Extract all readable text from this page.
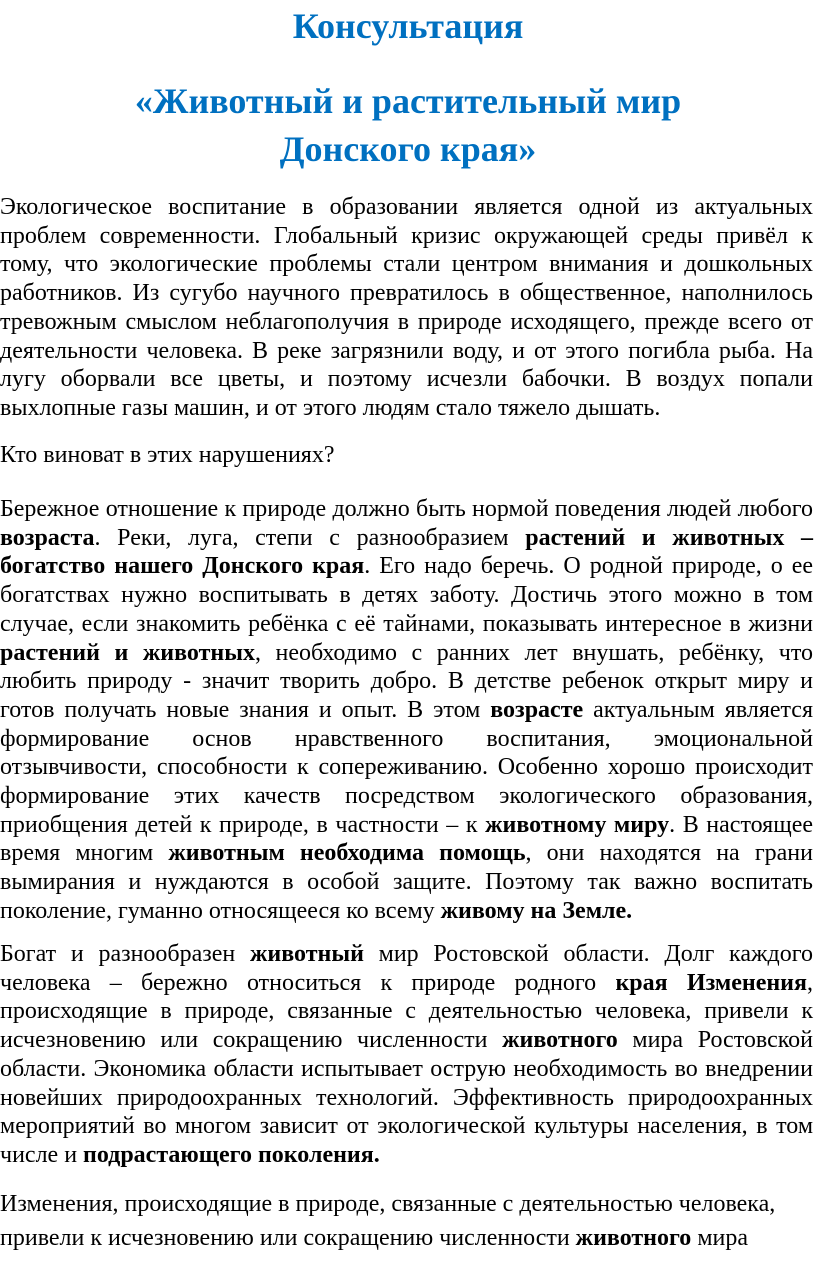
Консультация
«Животный и растительный мир
Донского края»

Экологическое воспитание в образовании является одной из актуальных проблем современности. Глобальный кризис окружающей среды привёл к тому, что экологические проблемы стали центром внимания и дошкольных работников. Из сугубо научного превратилось в общественное, наполнилось тревожным смыслом неблагополучия в природе исходящего, прежде всего от деятельности человека. В реке загрязнили воду, и от этого погибла рыба. На лугу оборвали все цветы, и поэтому исчезли бабочки. В воздух попали выхлопные газы машин, и от этого людям стало тяжело дышать.

Кто виноват в этих нарушениях?

Бережное отношение к природе должно быть нормой поведения людей любого возраста. Реки, луга, степи с разнообразием растений и животных – богатство нашего Донского края. Его надо беречь. О родной природе, о ее богатствах нужно воспитывать в детях заботу. Достичь этого можно в том случае, если знакомить ребёнка с её тайнами, показывать интересное в жизни растений и животных, необходимо с ранних лет внушать, ребёнку, что любить природу - значит творить добро. В детстве ребенок открыт миру и готов получать новые знания и опыт. В этом возрасте актуальным является формирование основ нравственного воспитания, эмоциональной отзывчивости, способности к сопереживанию. Особенно хорошо происходит формирование этих качеств посредством экологического образования, приобщения детей к природе, в частности – к животному миру. В настоящее время многим животным необходима помощь, они находятся на грани вымирания и нуждаются в особой защите. Поэтому так важно воспитать поколение, гуманно относящееся ко всему живому на Земле.

Богат и разнообразен животный мир Ростовской области. Долг каждого человека – бережно относиться к природе родного края Изменения, происходящие в природе, связанные с деятельностью человека, привели к исчезновению или сокращению численности животного мира Ростовской области. Экономика области испытывает острую необходимость во внедрении новейших природоохранных технологий. Эффективность природоохранных мероприятий во многом зависит от экологической культуры населения, в том числе и подрастающего поколения.

Изменения, происходящие в природе, связанные с деятельностью человека, привели к исчезновению или сокращению численности животного мира
